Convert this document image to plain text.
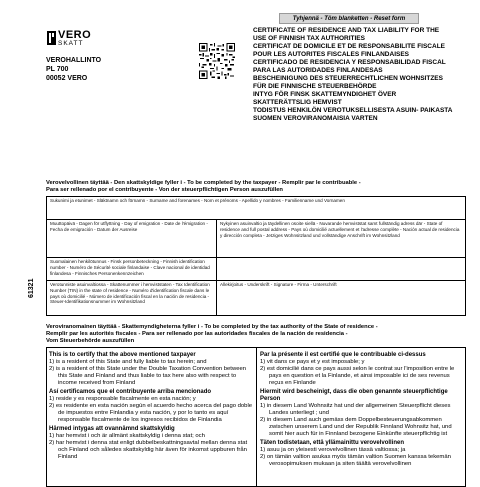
Tyhjennä - Töm blanketten - Reset form
VERO
SKATT
VEROHALLINTO
PL 700
00052 VERO
CERTIFICATE OF RESIDENCE AND TAX LIABILITY FOR THE USE OF FINNISH TAX AUTHORITIES
CERTIFICAT DE DOMICILE ET DE RESPONSABILITE FISCALE POUR LES AUTORITES FISCALES FINLANDAISES
CERTIFICADO DE RESIDENCIA Y RESPONSABILIDAD FISCAL PARA LAS AUTORIDADES FINLANDESAS
BESCHEINIGUNG DES STEUERRECHTLICHEN WOHNSITZES FÜR DIE FINNISCHE STEUERBEHÖRDE
INTYG FÖR FINSK SKATTEMYNDIGHET ÖVER SKATTERÄTTSLIG HEMVIST
TODISTUS HENKILÖN VEROTUKSELLISESTA ASUIN- PAIKASTA SUOMEN VEROVIRANOMAISIA VARTEN
Verovelvollinen täyttää - Den skattskyldige fyller i - To be completed by the taxpayer - Remplir par le contribuable -
Para ser rellenado por el contribuyente - Von der steuerpflichtigen Person auszufüllen
Sukunimi ja etunimet - Släktnamn och förnamn - Surname and forenames - Nom et prénoms - Apellido y nombres - Familienname und Vornamen
Muuttopäivä - Dagen för utflyttning - Day of emigration - Date de l'émigration - Fecha de emigración - Datum der Ausreise
Nykyinen asuinvaltio ja täydellinen osoite siellä - Nuvarande hemviststat samt fullständig adress där - State of residence and full postal address - Pays où domicilié actuellement et l'adresse complète - Nación actual de residencia y dirección completa - Jetziges Wohnsitzland und vollständige Anschrift im Wohnsitzland
Suomalainen henkilötunnus - Finsk personbeteckning - Finnish identification number - Numéro de Sécurité sociale finlandaise - Clave nacional de identidad finlandesa - Finnisches Personenkennzeichen
Verotunniste asuinvaltiossa - Skattenummer i hemviststaten - Tax Identification Number (TIN) in the state of residence - Numéro d'identification fiscale dans le pays où domicilié - Número de identificación fiscal en la nación de residencia - Steuer-Identifikationsnummer im Wohnsitzland
Allekirjoitus - Underskrift - Signature - Firma - Unterschrift
61321
Veroviranomainen täyttää - Skattemyndigheterna fyller i - To be completed by the tax authority of the State of residence -
Remplir par les autorités fiscales - Para ser rellenado por las autoridades fiscales de la nación de residencia -
Vom Steuerbehörde auszufüllen
This is to certify that the above mentioned taxpayer
1) is a resident of this State and fully liable to tax herein; and
2) is a resident of this State under the Double Taxation Convention between this State and Finland and thus liable to tax here also with respect to income received from Finland
Así certificamos que el contribuyente arriba mencionado
1) reside y es responsable fiscalmente en esta nación; y
2) es residente en esta nación según el acuerdo hecho acerca del pago doble de impuestos entre Finlandia y esta nación, y por lo tanto es aquí responsable fiscalmente de los ingresos recibidos de Finlandia
Härmed intygas att ovannämnd skattskyldig
1) har hemvist i och är allmänt skattskyldig i denna stat; och
2) har hemvist i denna stat enligt dubbelbeskattningsavtal mellan denna stat och Finland och således skattskyldig här även för inkomst uppburen från Finland
Par la présente il est certifié que le contribuable ci-dessus
1) vit dans ce pays et y est imposable; y
2) est domicilié dans ce pays aussi selon le contrat sur l'imposition entre le pays en question et la Finlande, et ainsi imposable ici de ses revenus reçus en Finlande
Hiermit wird bescheinigt, dass die oben genannte steuerpflichtige Person
1) in diesem Land Wohnsitz hat und der allgemeinen Steuerpflicht dieses Landes unterliegt ; und
2) in diesem Land auch gemäss dem Doppelbesteuerungsabkommen zwischen unserem Land und der Republik Finnland Wohnsitz hat, und somit hier auch für in Finnland bezogene Einkünfte steuerpflichtig ist
Täten todistetaan, että yllämainittu verovelvollinen
1) asuu ja on yleisesti verovelvollinen tässä valtiossa; ja
2) on tämän valtion asukas myös tämän valtion Suomen kanssa tekemän verosopimuksen mukaan ja siten täältä verovelvollinen
